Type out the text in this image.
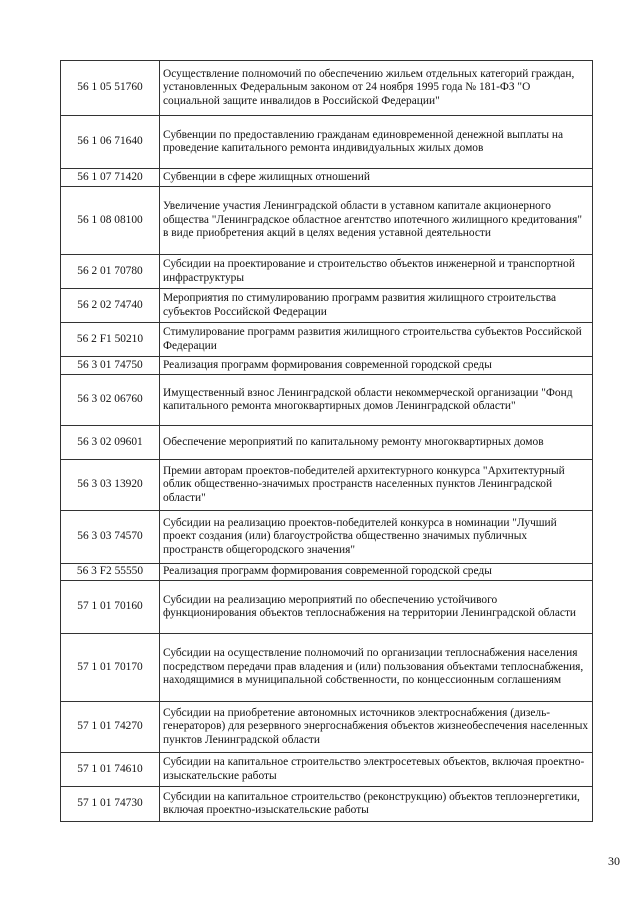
56 1 05 51760	Осуществление полномочий по обеспечению жильем отдельных категорий граждан, установленных Федеральным законом от 24 ноября 1995 года № 181-ФЗ "О социальной защите инвалидов в Российской Федерации"
56 1 06 71640	Субвенции по предоставлению гражданам единовременной денежной выплаты на проведение капитального ремонта индивидуальных жилых домов
56 1 07 71420	Субвенции в сфере жилищных отношений
56 1 08 08100	Увеличение участия Ленинградской области в уставном капитале акционерного общества "Ленинградское областное агентство ипотечного жилищного кредитования" в виде приобретения акций в целях ведения уставной деятельности
56 2 01 70780	Субсидии на проектирование и строительство объектов инженерной и транспортной инфраструктуры
56 2 02 74740	Мероприятия по стимулированию программ развития жилищного строительства субъектов Российской Федерации
56 2 F1 50210	Стимулирование программ развития жилищного строительства субъектов Российской Федерации
56 3 01 74750	Реализация программ формирования современной городской среды
56 3 02 06760	Имущественный взнос Ленинградской области некоммерческой организации "Фонд капитального ремонта многоквартирных домов Ленинградской области"
56 3 02 09601	Обеспечение мероприятий по капитальному ремонту многоквартирных домов
56 3 03 13920	Премии авторам проектов-победителей архитектурного конкурса "Архитектурный облик общественно-значимых пространств населенных пунктов Ленинградской области"
56 3 03 74570	Субсидии на реализацию проектов-победителей конкурса в номинации "Лучший проект создания (или) благоустройства общественно значимых публичных пространств общегородского значения"
56 3 F2 55550	Реализация программ формирования современной городской среды
57 1 01 70160	Субсидии на реализацию мероприятий по обеспечению устойчивого функционирования объектов теплоснабжения на территории Ленинградской области
57 1 01 70170	Субсидии на осуществление полномочий по организации теплоснабжения населения посредством передачи прав владения и (или) пользования объектами теплоснабжения, находящимися в муниципальной собственности, по концессионным соглашениям
57 1 01 74270	Субсидии на приобретение автономных источников электроснабжения (дизель-генераторов) для резервного энергоснабжения объектов жизнеобеспечения населенных пунктов Ленинградской области
57 1 01 74610	Субсидии на капитальное строительство электросетевых объектов, включая проектно-изыскательские работы
57 1 01 74730	Субсидии на капитальное строительство (реконструкцию) объектов теплоэнергетики, включая проектно-изыскательские работы
30
